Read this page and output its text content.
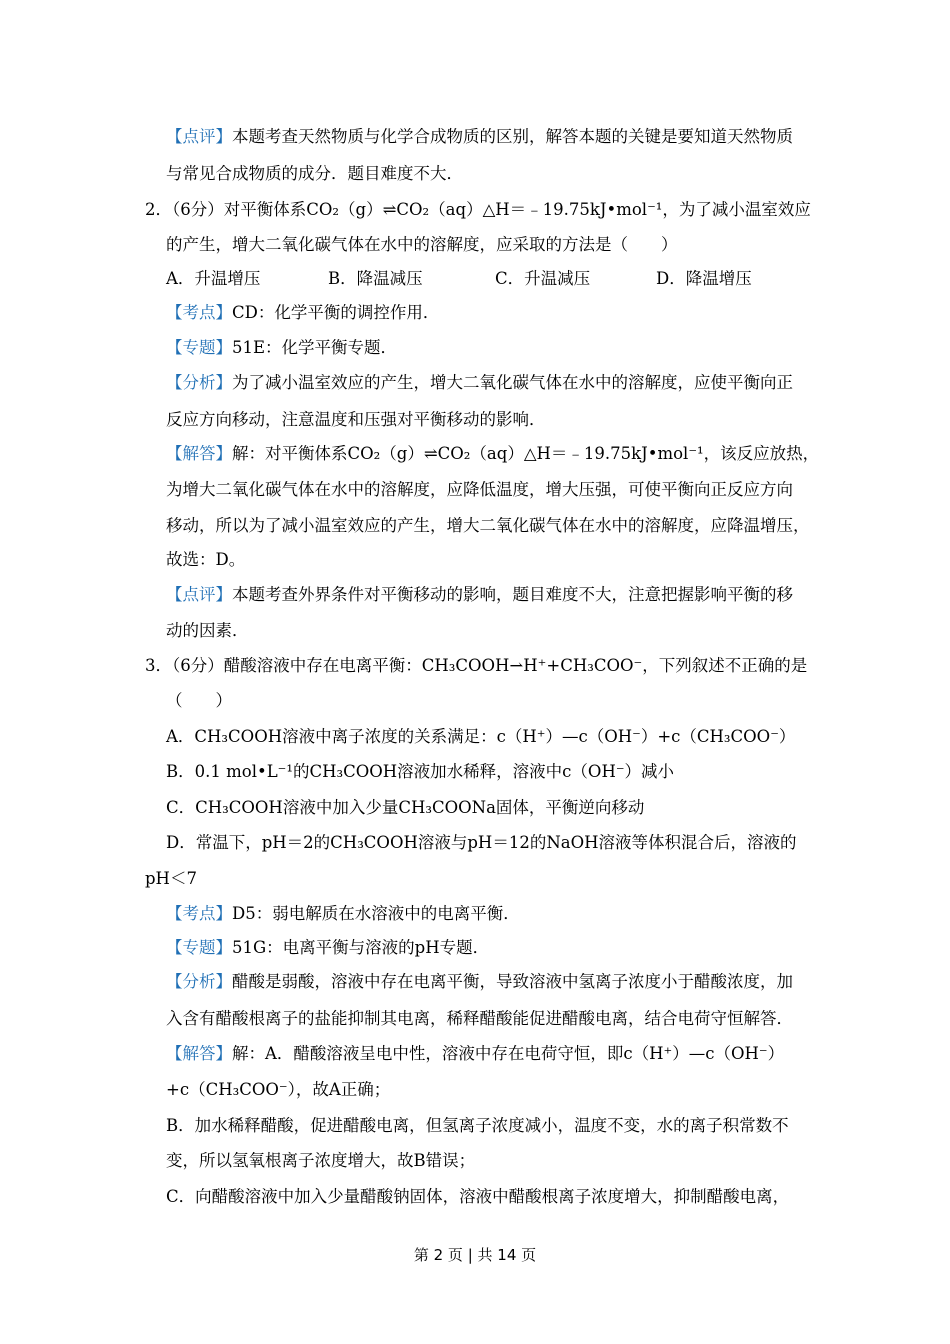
【点评】本题考查天然物质与化学合成物质的区别，解答本题的关键是要知道天然物质
与常见合成物质的成分．题目难度不大．
2．（6分）对平衡体系CO₂（g）⇌CO₂（aq）△H＝﹣19.75kJ•mol⁻¹，为了减小温室效应
的产生，增大二氧化碳气体在水中的溶解度，应采取的方法是（　　）
A．升温增压	B．降温减压	C．升温减压	D．降温增压
【考点】CD：化学平衡的调控作用．
【专题】51E：化学平衡专题．
【分析】为了减小温室效应的产生，增大二氧化碳气体在水中的溶解度，应使平衡向正
反应方向移动，注意温度和压强对平衡移动的影响．
【解答】解：对平衡体系CO₂（g）⇌CO₂（aq）△H＝﹣19.75kJ•mol⁻¹，该反应放热，
为增大二氧化碳气体在水中的溶解度，应降低温度，增大压强，可使平衡向正反应方向
移动，所以为了减小温室效应的产生，增大二氧化碳气体在水中的溶解度，应降温增压，
故选：D。
【点评】本题考查外界条件对平衡移动的影响，题目难度不大，注意把握影响平衡的移
动的因素．
3．（6分）醋酸溶液中存在电离平衡：CH₃COOH⇀H⁺+CH₃COO⁻，下列叙述不正确的是
（　　）
A．CH₃COOH溶液中离子浓度的关系满足：c（H⁺）—c（OH⁻）+c（CH₃COO⁻）
B．0.1 mol•L⁻¹的CH₃COOH溶液加水稀释，溶液中c（OH⁻）减小
C．CH₃COOH溶液中加入少量CH₃COONa固体，平衡逆向移动
D．常温下，pH＝2的CH₃COOH溶液与pH＝12的NaOH溶液等体积混合后，溶液的
pH＜7
【考点】D5：弱电解质在水溶液中的电离平衡．
【专题】51G：电离平衡与溶液的pH专题．
【分析】醋酸是弱酸，溶液中存在电离平衡，导致溶液中氢离子浓度小于醋酸浓度，加
入含有醋酸根离子的盐能抑制其电离，稀释醋酸能促进醋酸电离，结合电荷守恒解答．
【解答】解：A．醋酸溶液呈电中性，溶液中存在电荷守恒，即c（H⁺）—c（OH⁻）
+c（CH₃COO⁻），故A正确；
B．加水稀释醋酸，促进醋酸电离，但氢离子浓度减小，温度不变，水的离子积常数不
变，所以氢氧根离子浓度增大，故B错误；
C．向醋酸溶液中加入少量醋酸钠固体，溶液中醋酸根离子浓度增大，抑制醋酸电离，
第 2 页 | 共 14 页
